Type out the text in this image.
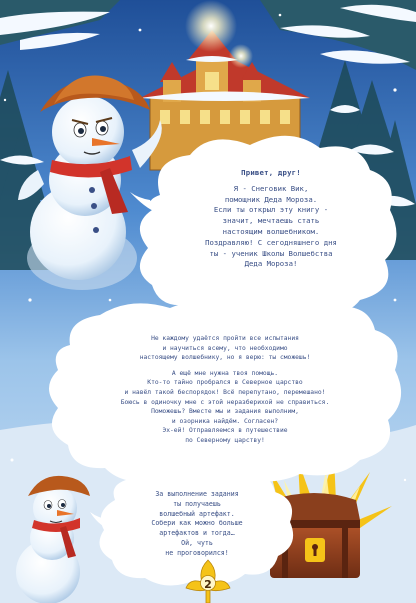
Привет, друг!
Я - Снеговик Вик,
помощник Деда Мороза.
Если ты открыл эту книгу -
значит, мечтаешь стать
настоящим волшебником.
Поздравляю! С сегодняшнего дня
ты - ученик Школы Волшебства
Деда Мороза!
Не каждому удаётся пройти все испытания
и научиться всему, что необходимо
настоящему волшебнику, но я верю: ты сможешь!
А ещё мне нужна твоя помощь.
Кто-то тайно пробрался в Северное царство
и навёл такой беспорядок! Всё перепутано, перемешано!
Боюсь в одиночку мне с этой неразберихой не справиться.
Поможешь? Вместе мы и задания выполним,
и озорника найдём. Согласен?
Эх-ей! Отправляемся в путешествие
по Северному царству!
За выполнение задания
ты получаешь
волшебный артефакт.
Собери как можно больше
артефактов и тогда…
Ой, чуть
не проговорился!
2
